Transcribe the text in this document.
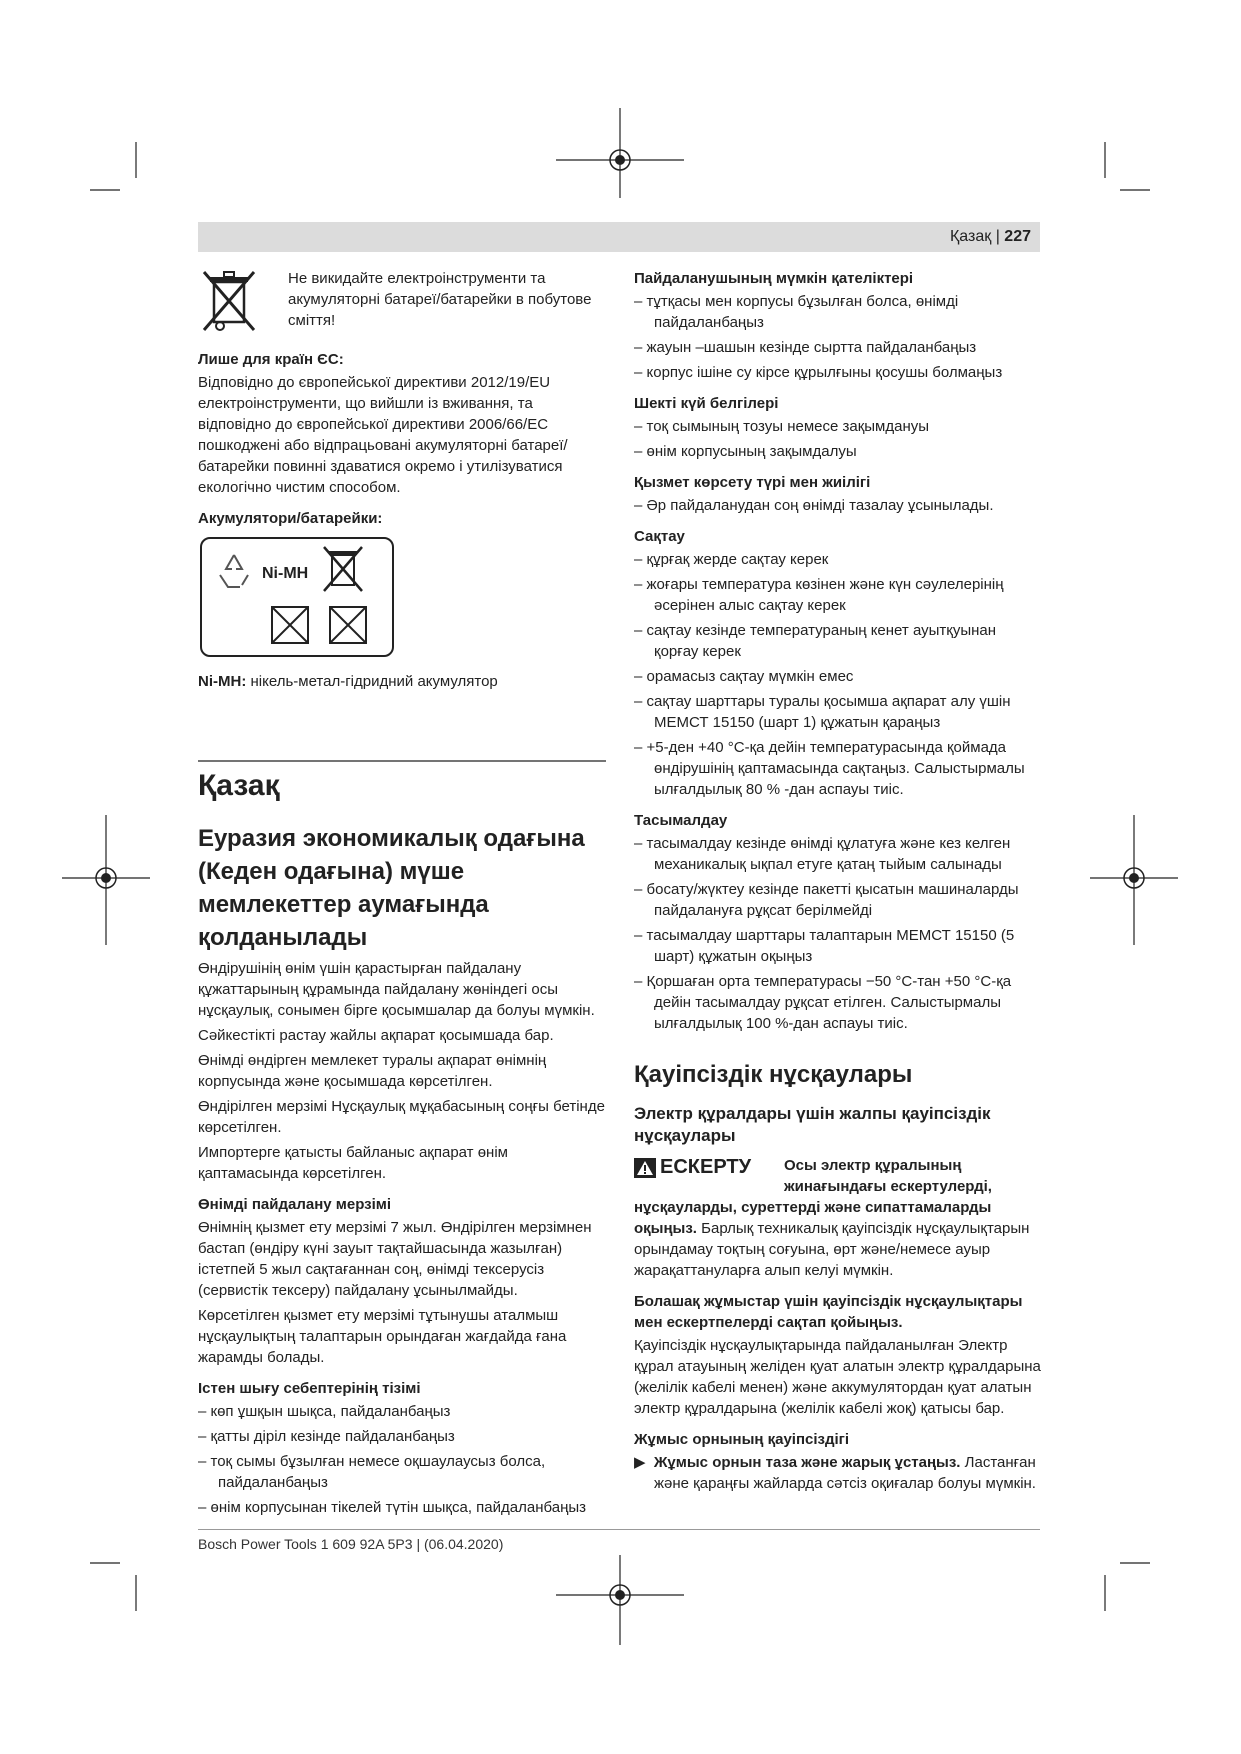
Қазақ | 227

Не викидайте електроінструменти та акумуляторні батареї/батарейки в побутове сміття!

Лише для країн ЄС:

Відповідно до європейської директиви 2012/19/EU електроінструменти, що вийшли із вживання, та відповідно до європейської директиви 2006/66/EC пошкоджені або відпрацьовані акумуляторні батареї/батарейки повинні здаватися окремо і утилізуватися екологічно чистим способом.

Акумулятори/батарейки:
Ni-MH

Ni-MH: нікель-метал-гідридний акумулятор

Қазақ
Еуразия экономикалық одағына (Кеден одағына) мүше мемлекеттер аумағында қолданылады

Өндірушінің өнім үшін қарастырған пайдалану құжаттарының құрамында пайдалану жөніндегі осы нұсқаулық, сонымен бірге қосымшалар да болуы мүмкін.

Сәйкестікті растау жайлы ақпарат қосымшада бар.

Өнімді өндірген мемлекет туралы ақпарат өнімнің корпусында және қосымшада көрсетілген.

Өндірілген мерзімі Нұсқаулық мұқабасының соңғы бетінде көрсетілген.

Импортерге қатысты байланыс ақпарат өнім қаптамасында көрсетілген.

Өнімді пайдалану мерзімі

Өнімнің қызмет ету мерзімі 7 жыл. Өндірілген мерзімнен бастап (өндіру күні зауыт тақтайшасында жазылған) істетпей 5 жыл сақтағаннан соң, өнімді тексерусіз (сервистік тексеру) пайдалану ұсынылмайды.

Көрсетілген қызмет ету мерзімі тұтынушы аталмыш нұсқаулықтың талаптарын орындаған жағдайда ғана жарамды болады.

Істен шығу себептерінің тізімі

– көп ұшқын шықса, пайдаланбаңыз

– қатты діріл кезінде пайдаланбаңыз

– тоқ сымы бұзылған немесе оқшаулаусыз болса, пайдаланбаңыз

– өнім корпусынан тікелей түтін шықса, пайдаланбаңыз

Пайдаланушының мүмкін қателіктері

– тұтқасы мен корпусы бұзылған болса, өнімді пайдаланбаңыз

– жауын –шашын кезінде сыртта пайдаланбаңыз

– корпус ішіне су кірсе құрылғыны қосушы болмаңыз

Шекті күй белгілері

– тоқ сымының тозуы немесе зақымдануы

– өнім корпусының зақымдалуы

Қызмет көрсету түрі мен жиілігі

– Әр пайдаланудан соң өнімді тазалау ұсынылады.

Сақтау

– құрғақ жерде сақтау керек

– жоғары температура көзінен және күн сәулелерінің әсерінен алыс сақтау керек

– сақтау кезінде температураның кенет ауытқуынан қорғау керек

– орамасыз сақтау мүмкін емес

– сақтау шарттары туралы қосымша ақпарат алу үшін МЕМСТ 15150 (шарт 1) құжатын қараңыз

– +5-ден +40 °C-қа дейін температурасында қоймада өндірушінің қаптамасында сақтаңыз. Салыстырмалы ылғалдылық 80 % -дан аспауы тиіс.

Тасымалдау

– тасымалдау кезінде өнімді құлатуға және кез келген механикалық ықпал етуге қатаң тыйым салынады

– босату/жүктеу кезінде пакетті қысатын машиналарды пайдалануға рұқсат берілмейді

– тасымалдау шарттары талаптарын МЕМСТ 15150 (5 шарт) құжатын оқыңыз

– Қоршаған орта температурасы −50 °C-тан +50 °C-қа дейін тасымалдау рұқсат етілген. Салыстырмалы ылғалдылық 100 %-дан аспауы тиіс.

Қауіпсіздік нұсқаулары
Электр құралдары үшін жалпы қауіпсіздік нұсқаулары
ЕСКЕРТУ	Осы электр құралының жинағындағы ескертулерді, нұсқауларды, суреттерді және сипаттамаларды оқыңыз. Барлық техникалық қауіпсіздік нұсқаулықтарын орындамау тоқтың соғуына, өрт және/немесе ауыр жарақаттануларға алып келуі мүмкін.

Болашақ жұмыстар үшін қауіпсіздік нұсқаулықтары мен ескертпелерді сақтап қойыңыз.

Қауіпсіздік нұсқаулықтарында пайдаланылған Электр құрал атауының желіден қуат алатын электр құралдарына (желілік кабелі менен) және аккумулятордан қуат алатын электр құралдарына (желілік кабелі жоқ) қатысы бар.

Жұмыс орнының қауіпсіздігі

▶  Жұмыс орнын таза және жарық ұстаңыз. Ластанған және қараңғы жайларда сәтсіз оқиғалар болуы мүмкін.

Bosch Power Tools 1 609 92A 5P3 | (06.04.2020)
